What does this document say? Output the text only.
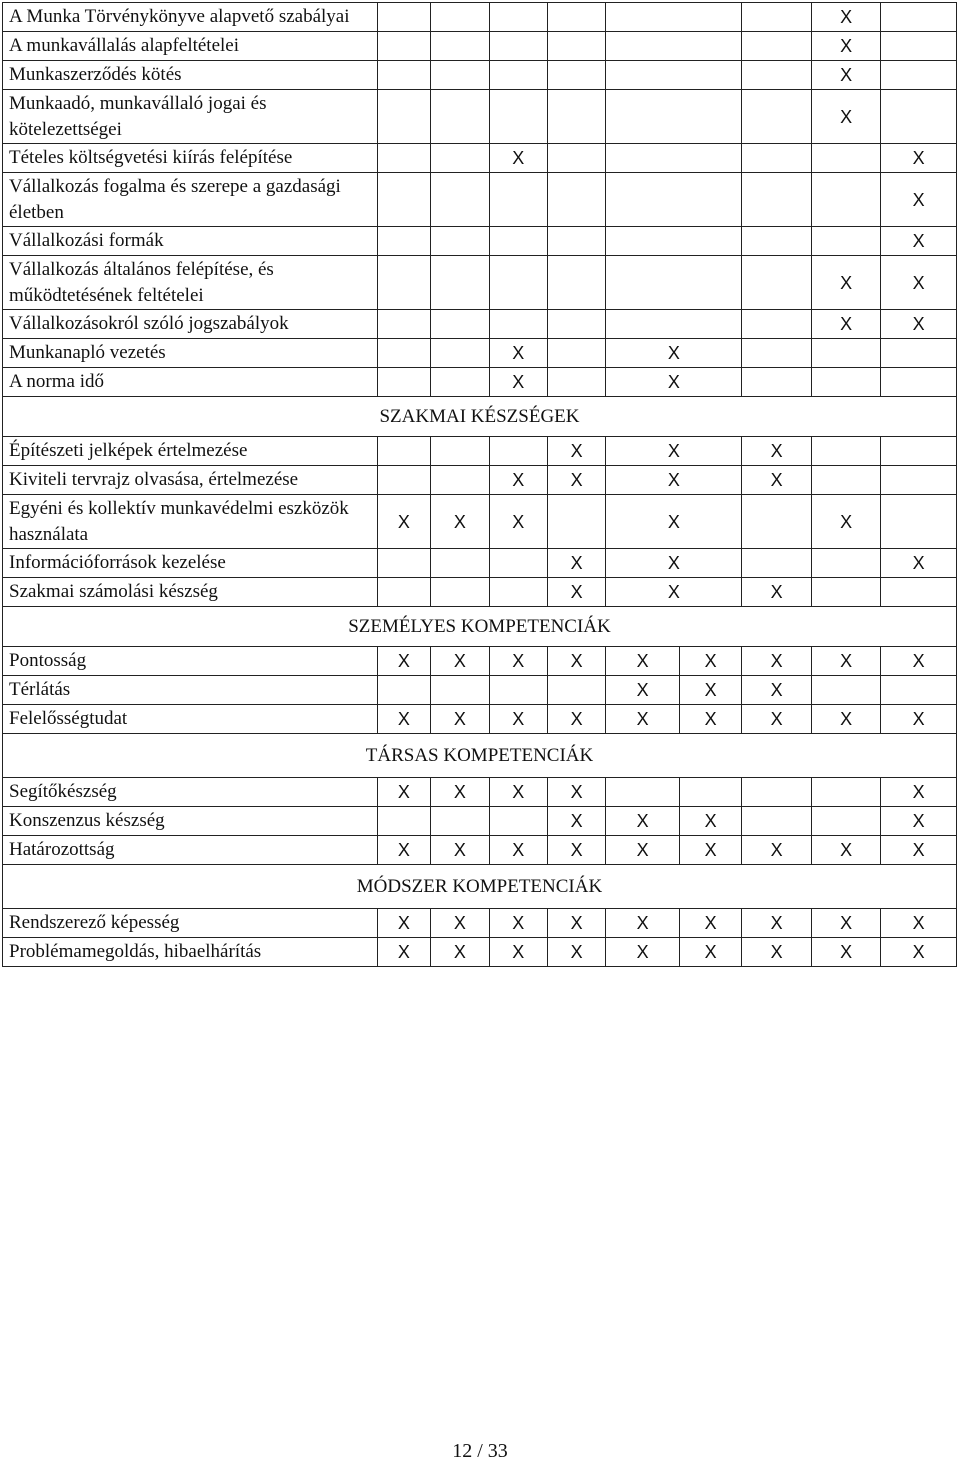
A Munka Törvénykönyve alapvető szabályai								X	
A munkavállalás alapfeltételei								X	
Munkaszerződés kötés								X	
Munkaadó, munkavállaló jogai és kötelezettségei								X	
Tételes költségvetési kiírás felépítése			X						X
Vállalkozás fogalma és szerepe a gazdasági életben									X
Vállalkozási formák									X
Vállalkozás általános felépítése, és működtetésének feltételei								X	X
Vállalkozásokról szóló jogszabályok								X	X
Munkanapló vezetés			X		X				
A norma idő			X		X				
SZAKMAI KÉSZSÉGEK									
Építészeti jelképek értelmezése				X	X		X		
Kiviteli tervrajz olvasása, értelmezése			X	X	X		X		
Egyéni és kollektív munkavédelmi eszközök használata	X	X	X		X			X	
Információforrások kezelése				X	X				X
Szakmai számolási készség				X	X		X		
SZEMÉLYES KOMPETENCIÁK									
Pontosság	X	X	X	X	X	X	X	X	X
Térlátás					X	X	X		
Felelősségtudat	X	X	X	X	X	X	X	X	X
TÁRSAS KOMPETENCIÁK									
Segítőkészség	X	X	X	X					X
Konszenzus készség				X	X	X			X
Határozottság	X	X	X	X	X	X	X	X	X
MÓDSZER KOMPETENCIÁK									
Rendszerező képesség	X	X	X	X	X	X	X	X	X
Problémamegoldás, hibaelhárítás	X	X	X	X	X	X	X	X	X
12 / 33
